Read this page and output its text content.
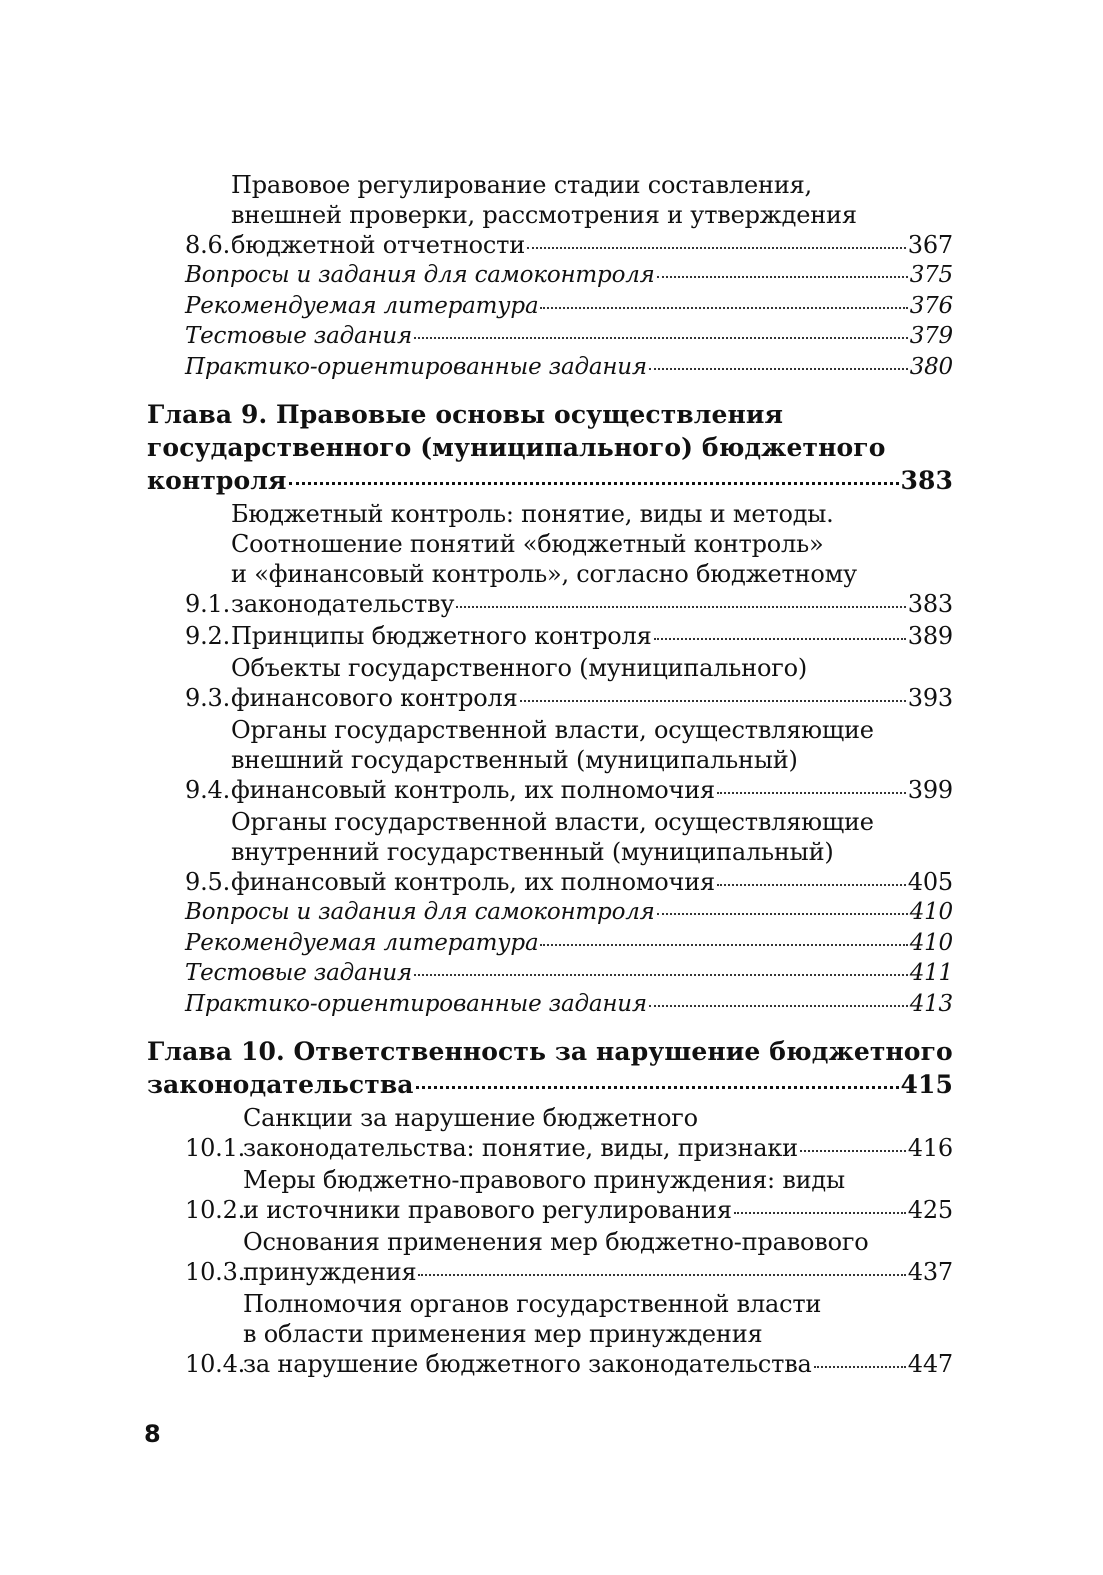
8.6.
Правовое регулирование стадии составления,
внешней проверки, рассмотрения и утверждения
бюджетной отчетности	367
Вопросы и задания для самоконтроля	375
Рекомендуемая литература	376
Тестовые задания	379
Практико-ориентированные задания	380
Глава 9. Правовые основы осуществления
государственного (муниципального) бюджетного
контроля	383
9.1.
Бюджетный контроль: понятие, виды и методы.
Соотношение понятий «бюджетный контроль»
и «финансовый контроль», согласно бюджетному
законодательству	383
9.2. Принципы бюджетного контроля	389
9.3.
Объекты государственного (муниципального)
финансового контроля	393
9.4.
Органы государственной власти, осуществляющие
внешний государственный (муниципальный)
финансовый контроль, их полномочия	399
9.5.
Органы государственной власти, осуществляющие
внутренний государственный (муниципальный)
финансовый контроль, их полномочия	405
Вопросы и задания для самоконтроля	410
Рекомендуемая литература	410
Тестовые задания	411
Практико-ориентированные задания	413
Глава 10. Ответственность за нарушение бюджетного
законодательства	415
10.1.
Санкции за нарушение бюджетного
законодательства: понятие, виды, признаки	416
10.2.
Меры бюджетно-правового принуждения: виды
и источники правового регулирования	425
10.3.
Основания применения мер бюджетно-правового
принуждения	437
10.4.
Полномочия органов государственной власти
в области применения мер принуждения
за нарушение бюджетного законодательства	447
8
